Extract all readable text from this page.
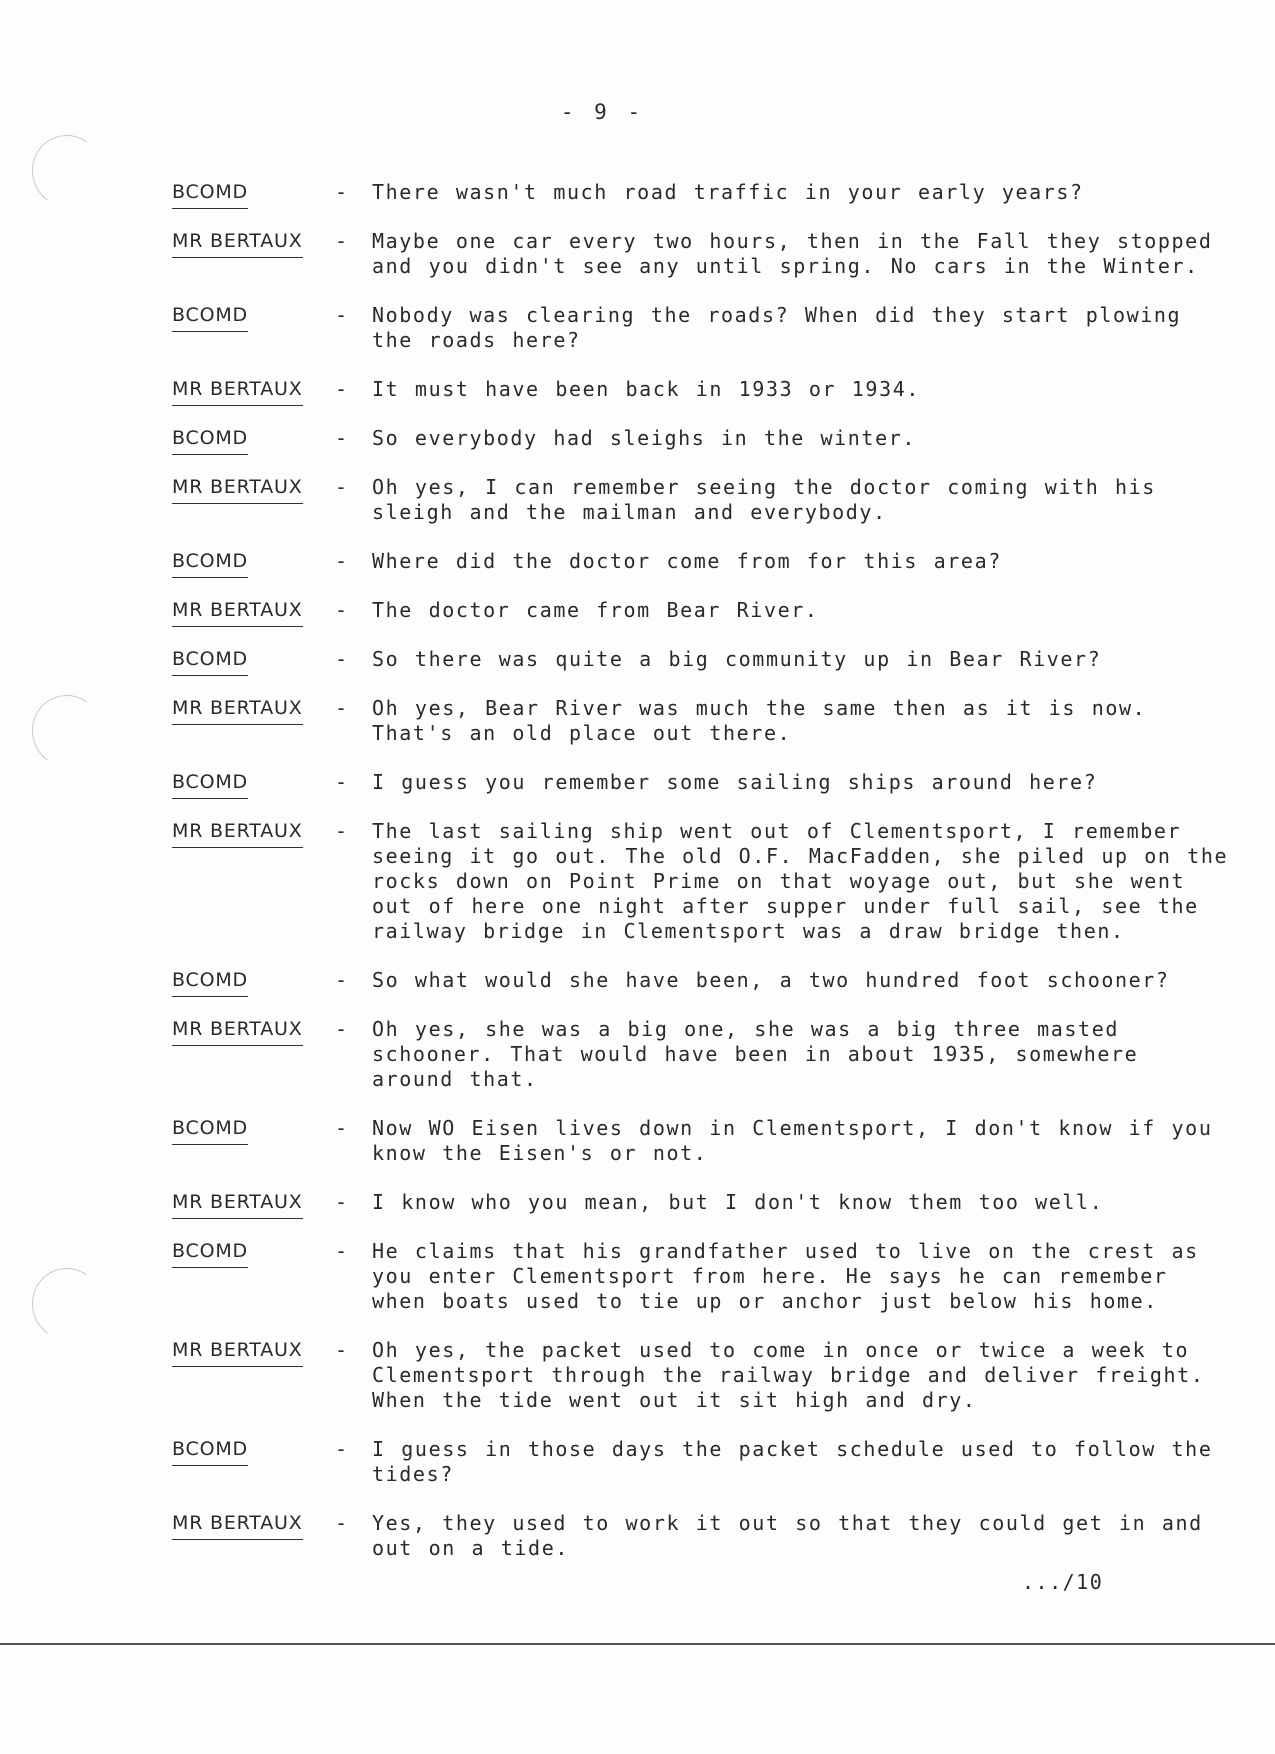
- 9 -
BCOMD	- There wasn't much road traffic in your early years?
MR BERTAUX - Maybe one car every two hours, then in the Fall they stopped and you didn't see any until spring. No cars in the Winter.
BCOMD	- Nobody was clearing the roads? When did they start plowing the roads here?
MR BERTAUX - It must have been back in 1933 or 1934.
BCOMD	- So everybody had sleighs in the winter.
MR BERTAUX - Oh yes, I can remember seeing the doctor coming with his sleigh and the mailman and everybody.
BCOMD	- Where did the doctor come from for this area?
MR BERTAUX - The doctor came from Bear River.
BCOMD	- So there was quite a big community up in Bear River?
MR BERTAUX - Oh yes, Bear River was much the same then as it is now. That's an old place out there.
BCOMD	- I guess you remember some sailing ships around here?
MR BERTAUX - The last sailing ship went out of Clementsport, I remember seeing it go out. The old O.F. MacFadden, she piled up on the rocks down on Point Prime on that woyage out, but she went out of here one night after supper under full sail, see the railway bridge in Clementsport was a draw bridge then.
BCOMD	- So what would she have been, a two hundred foot schooner?
MR BERTAUX - Oh yes, she was a big one, she was a big three masted schooner. That would have been in about 1935, somewhere around that.
BCOMD	- Now WO Eisen lives down in Clementsport, I don't know if you know the Eisen's or not.
MR BERTAUX - I know who you mean, but I don't know them too well.
BCOMD	- He claims that his grandfather used to live on the crest as you enter Clementsport from here. He says he can remember when boats used to tie up or anchor just below his home.
MR BERTAUX - Oh yes, the packet used to come in once or twice a week to Clementsport through the railway bridge and deliver freight. When the tide went out it sit high and dry.
BCOMD	- I guess in those days the packet schedule used to follow the tides?
MR BERTAUX - Yes, they used to work it out so that they could get in and out on a tide.
.../10
